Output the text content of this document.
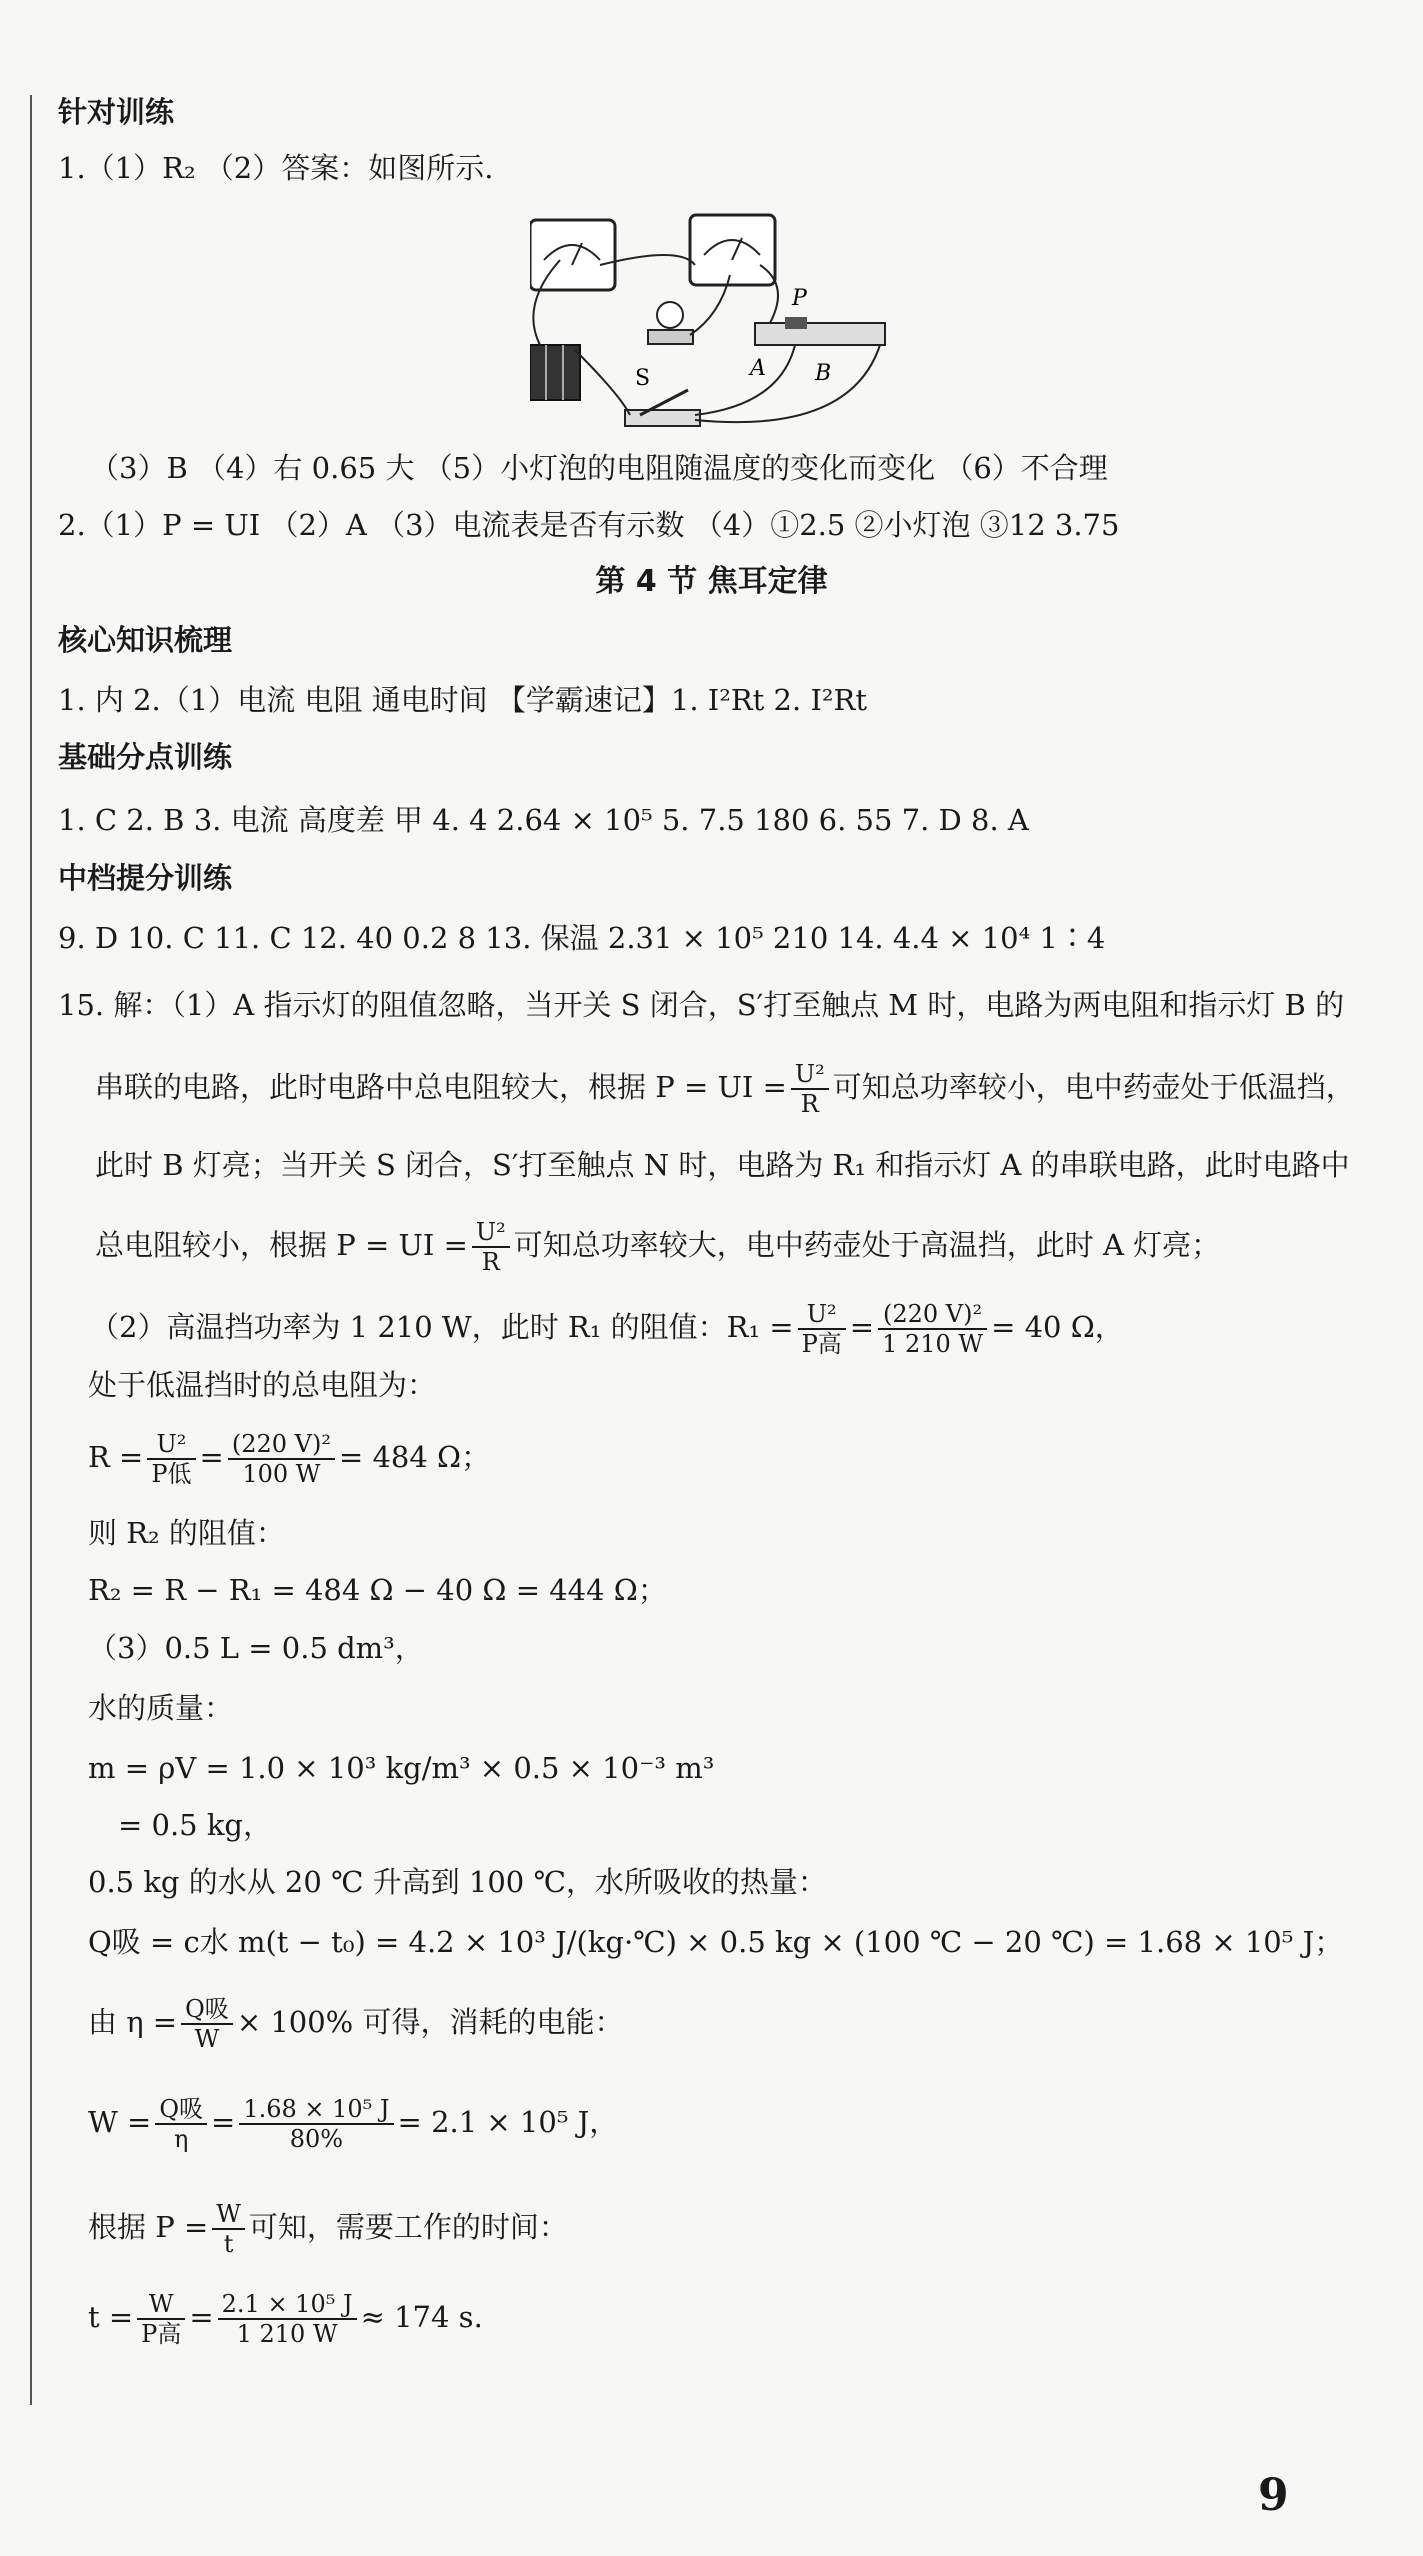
针对训练
1.（1）R₂ （2）答案：如图所示.
P
S	A B
（3）B （4）右 0.65 大 （5）小灯泡的电阻随温度的变化而变化 （6）不合理
2.（1）P = UI （2）A （3）电流表是否有示数 （4）①2.5 ②小灯泡 ③12 3.75
第 4 节 焦耳定律
核心知识梳理
1. 内 2.（1）电流 电阻 通电时间 【学霸速记】1. I²Rt 2. I²Rt
基础分点训练
1. C 2. B 3. 电流 高度差 甲 4. 4 2.64 × 10⁵ 5. 7.5 180 6. 55 7. D 8. A
中档提分训练
9. D 10. C 11. C 12. 40 0.2 8 13. 保温 2.31 × 10⁵ 210 14. 4.4 × 10⁴ 1∶4
15. 解：（1）A 指示灯的阻值忽略，当开关 S 闭合，S′打至触点 M 时，电路为两电阻和指示灯 B 的
串联的电路，此时电路中总电阻较大，根据 P = UI = $\frac{\text{U²}}{R}$ 可知总功率较小，电中药壶处于低温挡，
此时 B 灯亮；当开关 S 闭合，S′打至触点 N 时，电路为 R₁ 和指示灯 A 的串联电路，此时电路中
总电阻较小，根据 P = UI = $\frac{\text{U²}}{R}$ 可知总功率较大，电中药壶处于高温挡，此时 A 灯亮；
（2）高温挡功率为 1 210 W，此时 R₁ 的阻值：$R_1 = \frac{\text{U²}}{\text{P高}} = \frac{\text{(220 V)²}}{1 210 W} = 40$ Ω，
处于低温挡时的总电阻为：
$R = \frac{\text{U²}}{\text{P低}} = \frac{\text{(220 V)²}}{100 W} = 484$ Ω；
则 R₂ 的阻值：
R₂ = R − R₁ = 484 Ω − 40 Ω = 444 Ω；
（3）0.5 L = 0.5 dm³，
水的质量：
m = ρV = 1.0 × 10³ kg/m³ × 0.5 × 10⁻³ m³
= 0.5 kg，
0.5 kg 的水从 20 ℃ 升高到 100 ℃，水所吸收的热量：
Q吸 = c水 m(t − t₀) = 4.2 × 10³ J/(kg·℃) × 0.5 kg × (100 ℃ − 20 ℃) = 1.68 × 10⁵ J；
由 $\eta = \frac{\text{Q吸}}{W} \times 100\%$ 可得，消耗的电能：
$W = \frac{\text{Q吸}}{\eta} = \frac{\text{1.68 × 10⁵ J}}{80\%} = 2.1 \times 10^5$ J，
根据 $P = \frac{W}{t}$ 可知，需要工作的时间：
$t = \frac{W}{\text{P高}} = \frac{\text{2.1 × 10⁵ J}}{1 210 W} \approx 174$ s.
9
